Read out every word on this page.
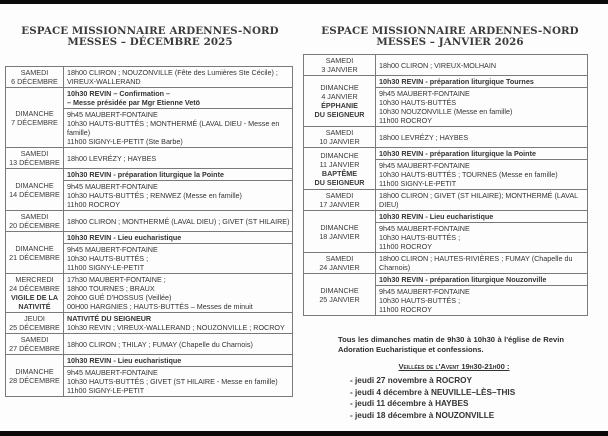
ESPACE MISSIONNAIRE ARDENNES-NORD
MESSES – DÉCEMBRE 2025
SAMEDI
6 DÉCEMBRE	18h00 CLIRON ; NOUZONVILLE (Fête des Lumières Ste Cécile) ;
VIREUX-WALLERAND

DIMANCHE
7 DÉCEMBRE	10h30 REVIN – Confirmation –
– Messe présidée par Mgr Etienne Vetö

	9h45 MAUBERT-FONTAINE
10h30 HAUTS-BUTTÉS ; MONTHERMÉ (LAVAL DIEU - Messe en
famille)
11h00 SIGNY-LE-PETIT (Ste Barbe)

SAMEDI
13 DÉCEMBRE	18h00 LEVRÉZY ; HAYBES

DIMANCHE
14 DÉCEMBRE	10h30 REVIN - préparation liturgique la Pointe

	9h45 MAUBERT-FONTAINE
10h30 HAUTS-BUTTÉS ; RENWEZ (Messe en famille)
11h00 ROCROY

SAMEDI
20 DÉCEMBRE	18h00 CLIRON ; MONTHERMÉ (LAVAL DIEU) ; GIVET (ST HILAIRE)

DIMANCHE
21 DÉCEMBRE	10h30 REVIN - Lieu eucharistique

	9h45 MAUBERT-FONTAINE
10h30 HAUTS-BUTTÉS ;
11h00 SIGNY-LE-PETIT

MERCREDI
24 DÉCEMBRE
VIGILE DE LA
NATIVITÉ	17h30 MAUBERT-FONTAINE ;
18h00 TOURNES ; BRAUX
20h00 GUÉ D'HOSSUS (Veillée)
00H00 HARGNIES ; HAUTS-BUTTÉS – Messes de minuit

JEUDI
25 DÉCEMBRE	NATIVITÉ DU SEIGNEUR
10h30 REVIN ; VIREUX-WALLERAND ; NOUZONVILLE ; ROCROY

SAMEDI
27 DÉCEMBRE	18h00 CLIRON ; THILAY ; FUMAY (Chapelle du Charnois)

DIMANCHE
28 DÉCEMBRE	10h30 REVIN - Lieu eucharistique

	9h45 MAUBERT-FONTAINE
10h30 HAUTS-BUTTÉS ; GIVET (ST HILAIRE - Messe en famille)
11h00 SIGNY-LE-PETIT
ESPACE MISSIONNAIRE ARDENNES-NORD
MESSES – JANVIER 2026
SAMEDI
3 JANVIER	18h00 CLIRON ; VIREUX-MOLHAIN

DIMANCHE
4 JANVIER
ÉPPHANIE
DU SEIGNEUR	10h30 REVIN - préparation liturgique Tournes

	9h45 MAUBERT-FONTAINE
10h30 HAUTS-BUTTÉS
10h30 NOUZONVILLE (Messe en famille)
11h00 ROCROY

SAMEDI
10 JANVIER	18h00 LEVRÉZY ; HAYBES

DIMANCHE
11 JANVIER
BAPTÊME
DU SEIGNEUR	10h30 REVIN - préparation liturgique la Pointe

	9h45 MAUBERT-FONTAINE
10h30 HAUTS-BUTTÉS ; TOURNES (Messe en famille)
11h00 SIGNY-LE-PETIT

SAMEDI
17 JANVIER	18h00 CLIRON ; GIVET (ST HILAIRE); MONTHERMÉ (LAVAL
DIEU)

DIMANCHE
18 JANVIER	10h30 REVIN - Lieu eucharistique

	9h45 MAUBERT-FONTAINE
10h30 HAUTS-BUTTÉS ;
11h00 ROCROY

SAMEDI
24 JANVIER	18h00 CLIRON ; HAUTES-RIVIÈRES ; FUMAY (Chapelle du
Charnois)

DIMANCHE
25 JANVIER	10h30 REVIN - préparation liturgique Nouzonville

	9h45 MAUBERT-FONTAINE
10h30 HAUTS-BUTTÉS ;
11h00 ROCROY
Tous les dimanches matin de 9h30 à 10h30 à l'église de Revin Adoration Eucharistique et confessions.
Veillées de l'Avent 19h30-21h00 :
- jeudi 27 novembre à ROCROY
- jeudi 4 décembre à NEUVILLE–LÈS–THIS
- jeudi 11 décembre à HAYBES
- jeudi 18 décembre à NOUZONVILLE
